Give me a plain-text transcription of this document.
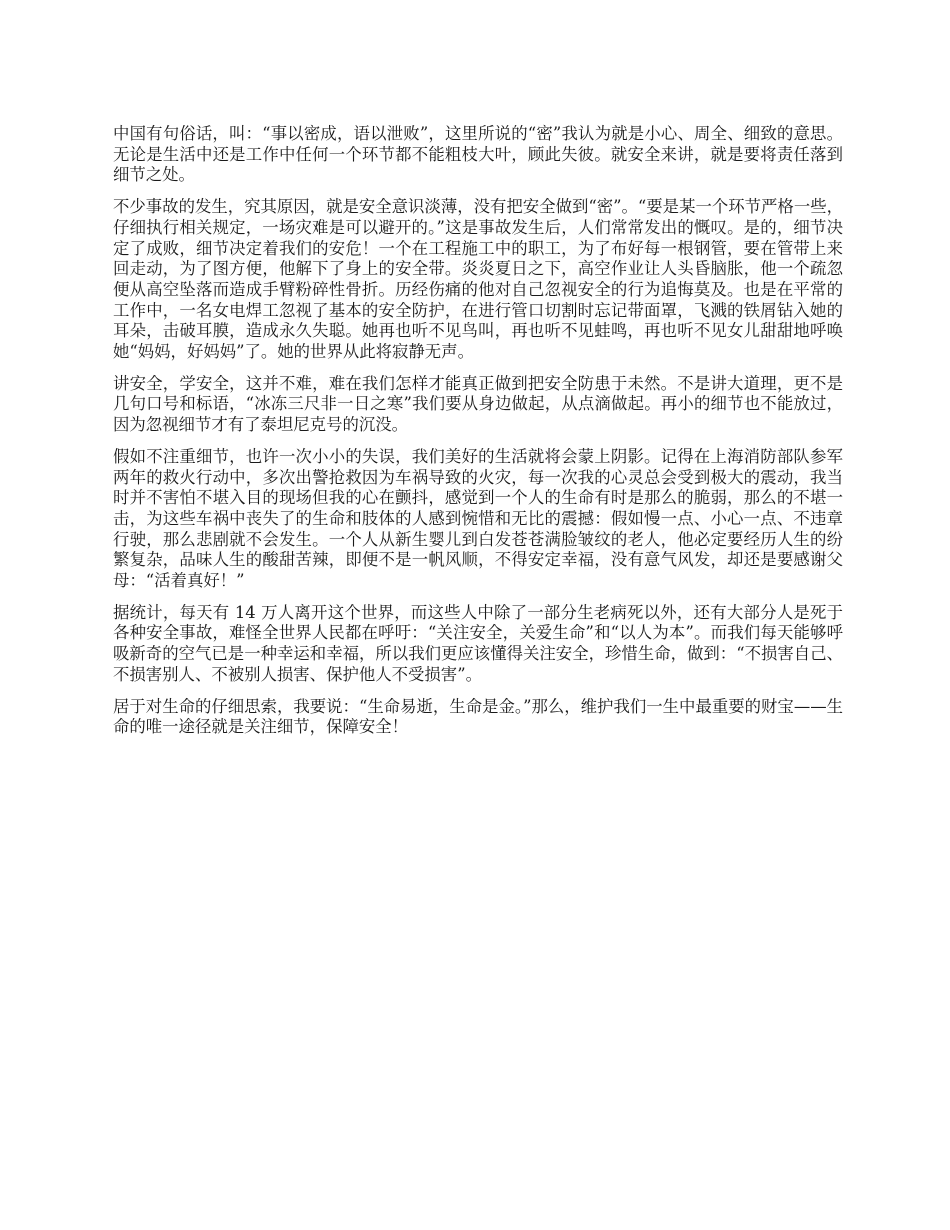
中国有句俗话，叫：“事以密成，语以泄败”，这里所说的“密”我认为就是小心、周全、细致的意思。无论是生活中还是工作中任何一个环节都不能粗枝大叶，顾此失彼。就安全来讲，就是要将责任落到细节之处。

不少事故的发生，究其原因，就是安全意识淡薄，没有把安全做到“密”。“要是某一个环节严格一些，仔细执行相关规定，一场灾难是可以避开的。”这是事故发生后，人们常常发出的慨叹。是的，细节决定了成败，细节决定着我们的安危！一个在工程施工中的职工，为了布好每一根钢管，要在管带上来回走动，为了图方便，他解下了身上的安全带。炎炎夏日之下，高空作业让人头昏脑胀，他一个疏忽便从高空坠落而造成手臂粉碎性骨折。历经伤痛的他对自己忽视安全的行为追悔莫及。也是在平常的工作中，一名女电焊工忽视了基本的安全防护，在进行管口切割时忘记带面罩，飞溅的铁屑钻入她的耳朵，击破耳膜，造成永久失聪。她再也听不见鸟叫，再也听不见蛙鸣，再也听不见女儿甜甜地呼唤她“妈妈，好妈妈”了。她的世界从此将寂静无声。

讲安全，学安全，这并不难，难在我们怎样才能真正做到把安全防患于未然。不是讲大道理，更不是几句口号和标语，“冰冻三尺非一日之寒”我们要从身边做起，从点滴做起。再小的细节也不能放过，因为忽视细节才有了泰坦尼克号的沉没。

假如不注重细节，也许一次小小的失误，我们美好的生活就将会蒙上阴影。记得在上海消防部队参军两年的救火行动中，多次出警抢救因为车祸导致的火灾，每一次我的心灵总会受到极大的震动，我当时并不害怕不堪入目的现场但我的心在颤抖，感觉到一个人的生命有时是那么的脆弱，那么的不堪一击，为这些车祸中丧失了的生命和肢体的人感到惋惜和无比的震撼：假如慢一点、小心一点、不违章行驶，那么悲剧就不会发生。一个人从新生婴儿到白发苍苍满脸皱纹的老人，他必定要经历人生的纷繁复杂，品味人生的酸甜苦辣，即便不是一帆风顺，不得安定幸福，没有意气风发，却还是要感谢父母：“活着真好！”

据统计，每天有 14 万人离开这个世界，而这些人中除了一部分生老病死以外，还有大部分人是死于各种安全事故，难怪全世界人民都在呼吁：“关注安全，关爱生命”和“以人为本”。而我们每天能够呼吸新奇的空气已是一种幸运和幸福，所以我们更应该懂得关注安全，珍惜生命，做到：“不损害自己、不损害别人、不被别人损害、保护他人不受损害”。

居于对生命的仔细思索，我要说：“生命易逝，生命是金。”那么，维护我们一生中最重要的财宝——生命的唯一途径就是关注细节，保障安全！
